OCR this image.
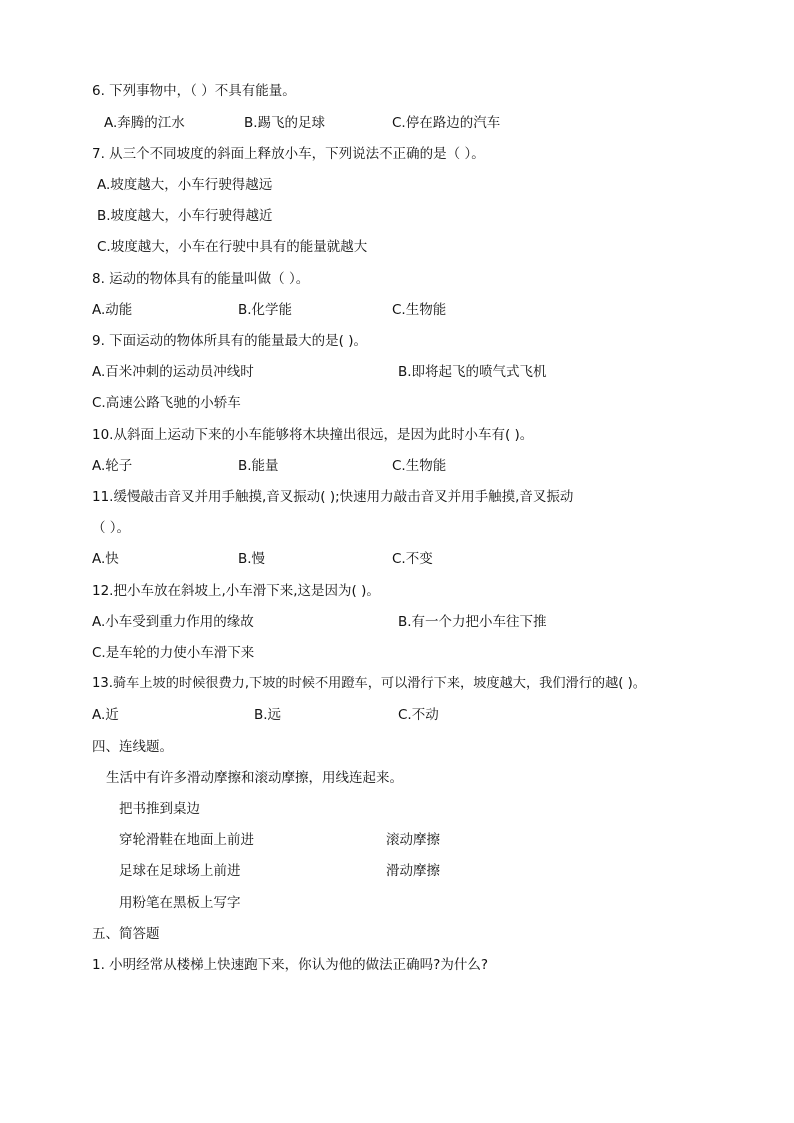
6. 下列事物中，（ ）不具有能量。
A.奔腾的江水	B.踢飞的足球	C.停在路边的汽车
7. 从三个不同坡度的斜面上释放小车，下列说法不正确的是（ ）。
A.坡度越大，小车行驶得越远
B.坡度越大，小车行驶得越近
C.坡度越大，小车在行驶中具有的能量就越大
8. 运动的物体具有的能量叫做（ ）。
A.动能	B.化学能	C.生物能
9. 下面运动的物体所具有的能量最大的是( )。
A.百米冲刺的运动员冲线时	B.即将起飞的喷气式飞机
C.高速公路飞驰的小轿车
10.从斜面上运动下来的小车能够将木块撞出很远，是因为此时小车有( )。
A.轮子	B.能量	C.生物能
11.缓慢敲击音叉并用手触摸,音叉振动( );快速用力敲击音叉并用手触摸,音叉振动
（ ）。
A.快	B.慢	C.不变
12.把小车放在斜坡上,小车滑下来,这是因为( )。
A.小车受到重力作用的缘故	B.有一个力把小车往下推
C.是车轮的力使小车滑下来
13.骑车上坡的时候很费力,下坡的时候不用蹬车，可以滑行下来，坡度越大，我们滑行的越( )。
A.近	B.远	C.不动
四、连线题。
生活中有许多滑动摩擦和滚动摩擦，用线连起来。
把书推到桌边
穿轮滑鞋在地面上前进	滚动摩擦
足球在足球场上前进	滑动摩擦
用粉笔在黑板上写字
五、简答题
1. 小明经常从楼梯上快速跑下来，你认为他的做法正确吗?为什么?
